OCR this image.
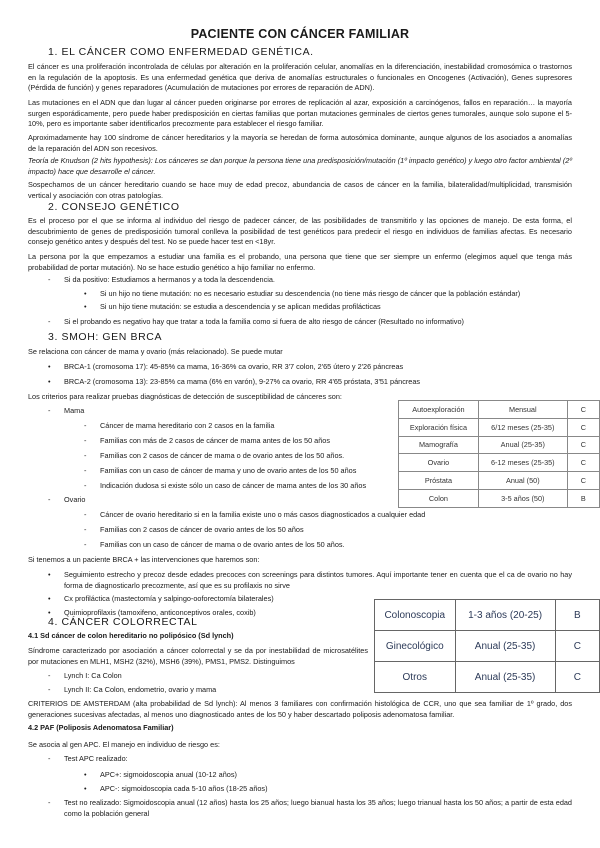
PACIENTE CON CÁNCER FAMILIAR
1. EL CÁNCER COMO ENFERMEDAD GENÉTICA.

El cáncer es una proliferación incontrolada de células por alteración en la proliferación celular, anomalías en la diferenciación, inestabilidad cromosómica o trastornos en la regulación de la apoptosis. Es una enfermedad genética que deriva de anomalías estructurales o funcionales en Oncogenes (Activación), Genes supresores (Pérdida de función) y genes reparadores (Acumulación de mutaciones por errores de reparación de ADN).

Las mutaciones en el ADN que dan lugar al cáncer pueden originarse por errores de replicación al azar, exposición a carcinógenos, fallos en reparación… la mayoría surgen esporádicamente, pero puede haber predisposición en ciertas familias que portan mutaciones germinales de ciertos genes tumorales, aunque solo supone el 5-10%, pero es importante saber identificarlos precozmente para establecer el riesgo familiar.

Aproximadamente hay 100 síndrome de cáncer hereditarios y la mayoría se heredan de forma autosómica dominante, aunque algunos de los asociados a anomalías de la reparación del ADN son recesivos.

Teoría de Knudson (2 hits hypothesis): Los cánceres se dan porque la persona tiene una predisposición/mutación (1º impacto genético) y luego otro factor ambiental (2º impacto) hace que desarrolle el cáncer.

Sospechamos de un cáncer hereditario cuando se hace muy de edad precoz, abundancia de casos de cáncer en la familia, bilateralidad/multiplicidad, transmisión vertical y asociación con otras patologías.

2. CONSEJO GENÉTICO

Es el proceso por el que se informa al individuo del riesgo de padecer cáncer, de las posibilidades de transmitirlo y las opciones de manejo. De esta forma, el descubrimiento de genes de predisposición tumoral conlleva la posibilidad de test genéticos para predecir el riesgo en individuos de familias afectas. Es necesario consejo genético antes y después del test. No se puede hacer test en <18yr.

La persona por la que empezamos a estudiar una familia es el probando, una persona que tiene que ser siempre un enfermo (elegimos aquel que tenga más probabilidad de portar mutación). No se hace estudio genético a hijo familiar no enfermo.

- Si da positivo: Estudiamos a hermanos y a toda la descendencia.
• Si un hijo no tiene mutación: no es necesario estudiar su descendencia (no tiene más riesgo de cáncer que la población estándar)
• Si un hijo tiene mutación: se estudia a descendencia y se aplican medidas profilácticas
- Si el probando es negativo hay que tratar a toda la familia como si fuera de alto riesgo de cáncer (Resultado no informativo)
3. SMOH: GEN BRCA
Se relaciona con cáncer de mama y ovario (más relacionado). Se puede mutar
• BRCA-1 (cromosoma 17): 45-85% ca mama, 16-36% ca ovario, RR 3'7 colon, 2'65 útero y 2'26 páncreas
• BRCA-2 (cromosoma 13): 23-85% ca mama (6% en varón), 9-27% ca ovario, RR 4'65 próstata, 3'51 páncreas
Los criterios para realizar pruebas diagnósticas de detección de susceptibilidad de cánceres son:
- Mama
- Cáncer de mama hereditario con 2 casos en la familia
- Familias con más de 2 casos de cáncer de mama antes de los 50 años
- Familias con 2 casos de cáncer de mama o de ovario antes de los 50 años.
- Familias con un caso de cáncer de mama y uno de ovario antes de los 50 años
- Indicación dudosa si existe sólo un caso de cáncer de mama antes de los 30 años
- Ovario
- Cáncer de ovario hereditario si en la familia existe uno o más casos diagnosticados a cualquier edad
- Familias con 2 casos de cáncer de ovario antes de los 50 años
- Familias con un caso de cáncer de mama o de ovario antes de los 50 años.
Si tenemos a un paciente BRCA + las intervenciones que haremos son:
• Seguimiento estrecho y precoz desde edades precoces con screenings para distintos tumores. Aquí importante tener en cuenta que el ca de ovario no hay forma de diagnosticarlo precozmente, así que es su profilaxis no sirve

• Cx profiláctica (mastectomía y salpingo-ooforectomía bilaterales)
• Quimioprofilaxis (tamoxifeno, anticonceptivos orales, coxib)
Autoexploración	Mensual	C
Exploración física	6/12 meses (25-35)	C
Mamografía	Anual (25-35)	C
Ovario	6-12 meses (25-35)	C
Próstata	Anual (50)	C
Colon	3-5 años (50)	B
4. CÁNCER COLORRECTAL
Colonoscopia	1-3 años (20-25)	B
Ginecológico	Anual (25-35)	C
Otros	Anual (25-35)	C
4.1 Sd cáncer de colon hereditario no polipósico (Sd lynch)

Síndrome caracterizado por asociación a cáncer colorrectal y se da por inestabilidad de microsatélites por mutaciones en MLH1, MSH2 (32%), MSH6 (39%), PMS1, PMS2. Distinguimos

- Lynch I: Ca Colon
- Lynch II: Ca Colon, endometrio, ovario y mama

CRITERIOS DE AMSTERDAM (alta probabilidad de Sd lynch): Al menos 3 familiares con confirmación histológica de CCR, uno que sea familiar de 1º grado, dos generaciones sucesivas afectadas, al menos uno diagnosticado antes de los 50 y haber descartado poliposis adenomatosa familiar.

4.2 PAF (Poliposis Adenomatosa Familiar)
Se asocia al gen APC. El manejo en individuo de riesgo es:
- Test APC realizado:
• APC+: sigmoidoscopia anual (10-12 años)
• APC-: sigmoidoscopia cada 5-10 años (18-25 años)
- Test no realizado: Sigmoidoscopia anual (12 años) hasta los 25 años; luego bianual hasta los 35 años; luego trianual hasta los 50 años; a partir de esta edad como la población general
